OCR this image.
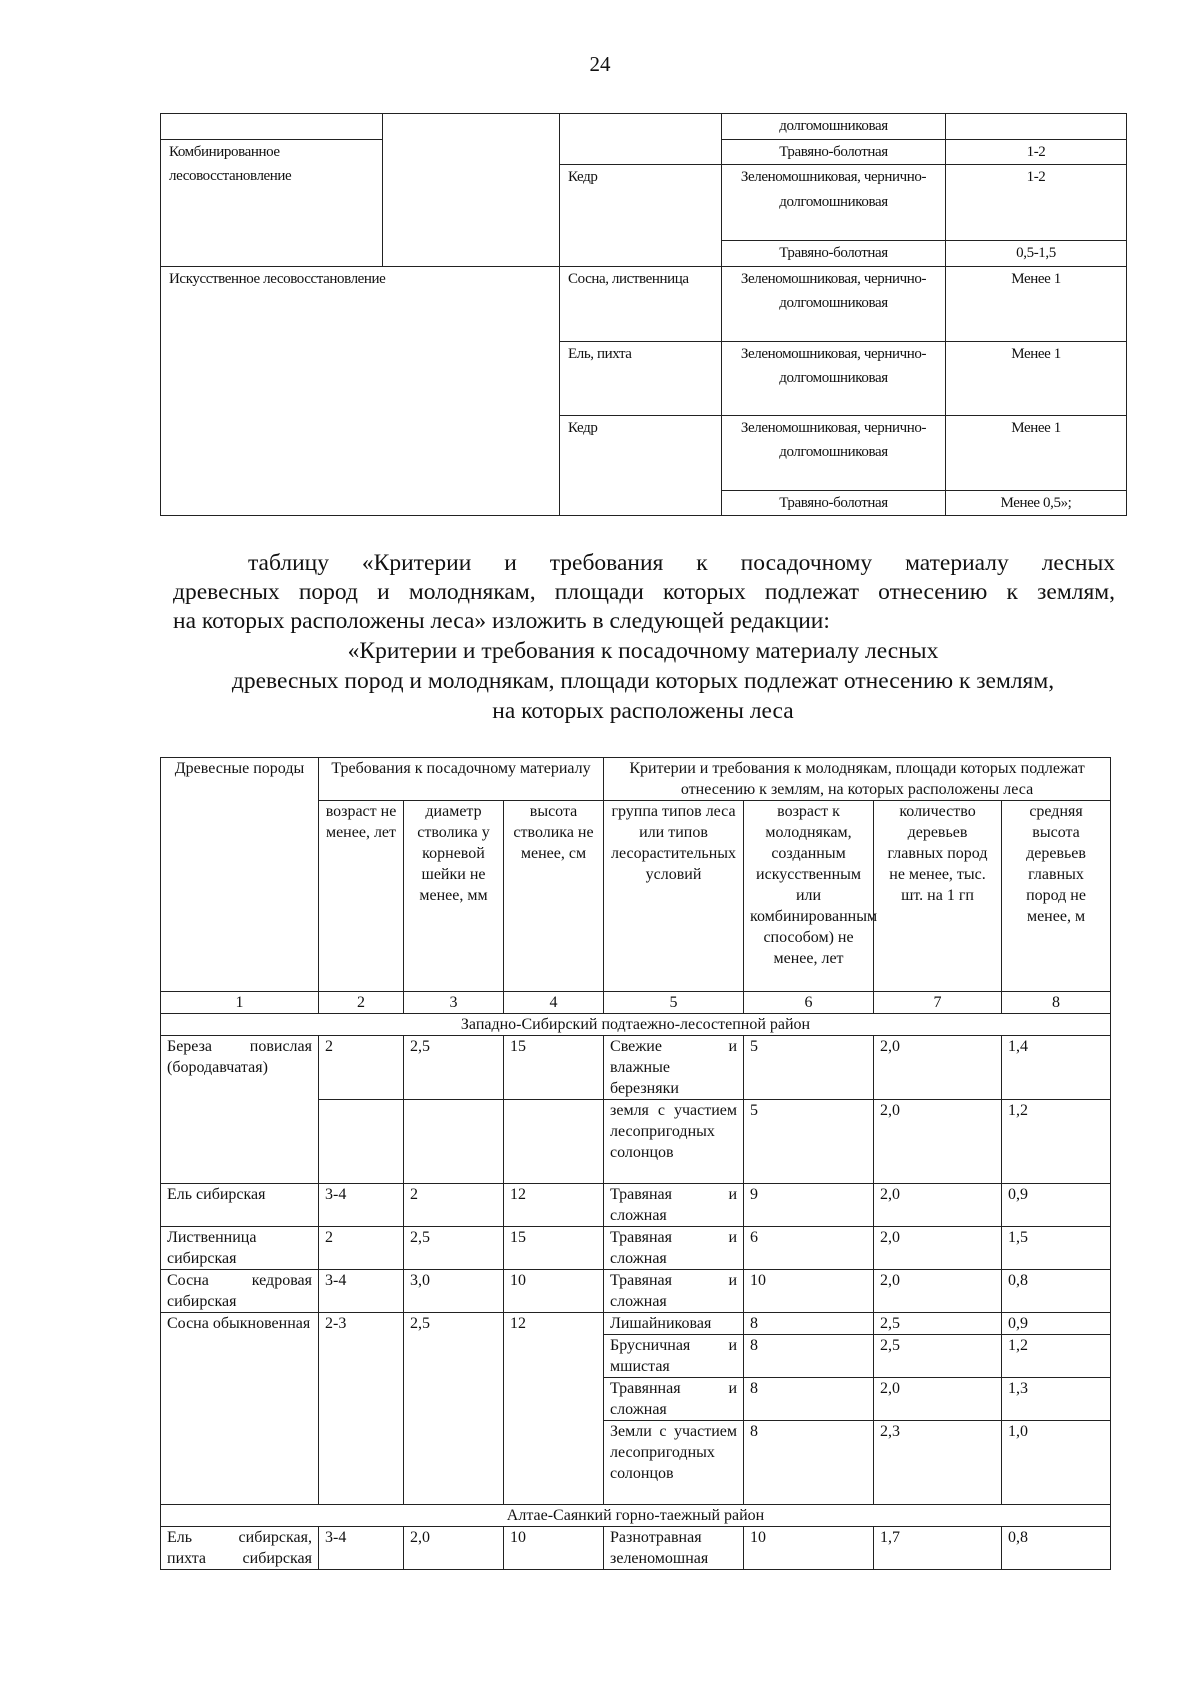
24
			долгомошниковая	
Комбинированное лесовосстановление			Травяно-болотная	1-2
		Кедр	Зеленомошниковая, чернично-долгомошниковая	1-2
			Травяно-болотная	0,5-1,5
Искусственное лесовосстановление		Сосна, лиственница	Зеленомошниковая, чернично-долгомошниковая	Менее 1
		Ель, пихта	Зеленомошниковая, чернично-долгомошниковая	Менее 1
		Кедр	Зеленомошниковая, чернично-долгомошниковая	Менее 1
			Травяно-болотная	Менее 0,5»;

таблицу «Критерии и требования к посадочному материалу лесных

древесных пород и молоднякам, площади которых подлежат отнесению к землям,

на которых расположены леса» изложить в следующей редакции:

«Критерии и требования к посадочному материалу лесных
древесных пород и молоднякам, площади которых подлежат отнесению к землям,
на которых расположены леса
Древесные породы	Требования к посадочному материалу			Критерии и требования к молоднякам, площади которых подлежат отнесению к землям, на которых расположены леса			
	возраст не менее, лет	диаметр стволика у корневой шейки не менее, мм	высота стволика не менее, см	группа типов леса или типов лесорастительных условий	возраст к молоднякам, созданным искусственным или комбинированным способом) не менее, лет	количество деревьев главных пород не менее, тыс. шт. на 1 гп	средняя высота деревьев главных пород не менее, м
1	2	3	4	5	6	7	8
Западно-Сибирский подтаежно-лесостепной район							
Береза повислая (бородавчатая)	2	2,5	15	Свежие и влажные березняки	5	2,0	1,4
				земля с участием лесопригодных солонцов	5	2,0	1,2
Ель сибирская	3-4	2	12	Травяная и сложная	9	2,0	0,9
Лиственница сибирская	2	2,5	15	Травяная и сложная	6	2,0	1,5
Сосна кедровая сибирская	3-4	3,0	10	Травяная и сложная	10	2,0	0,8
Сосна обыкновенная	2-3	2,5	12	Лишайниковая	8	2,5	0,9
				Брусничная и мшистая	8	2,5	1,2
				Травянная и сложная	8	2,0	1,3
				Земли с участием лесопригодных солонцов	8	2,3	1,0
Алтае-Саянкий горно-таежный район							
Ель сибирская, пихта сибирская	3-4	2,0	10	Разнотравная зеленомошная	10	1,7	0,8
